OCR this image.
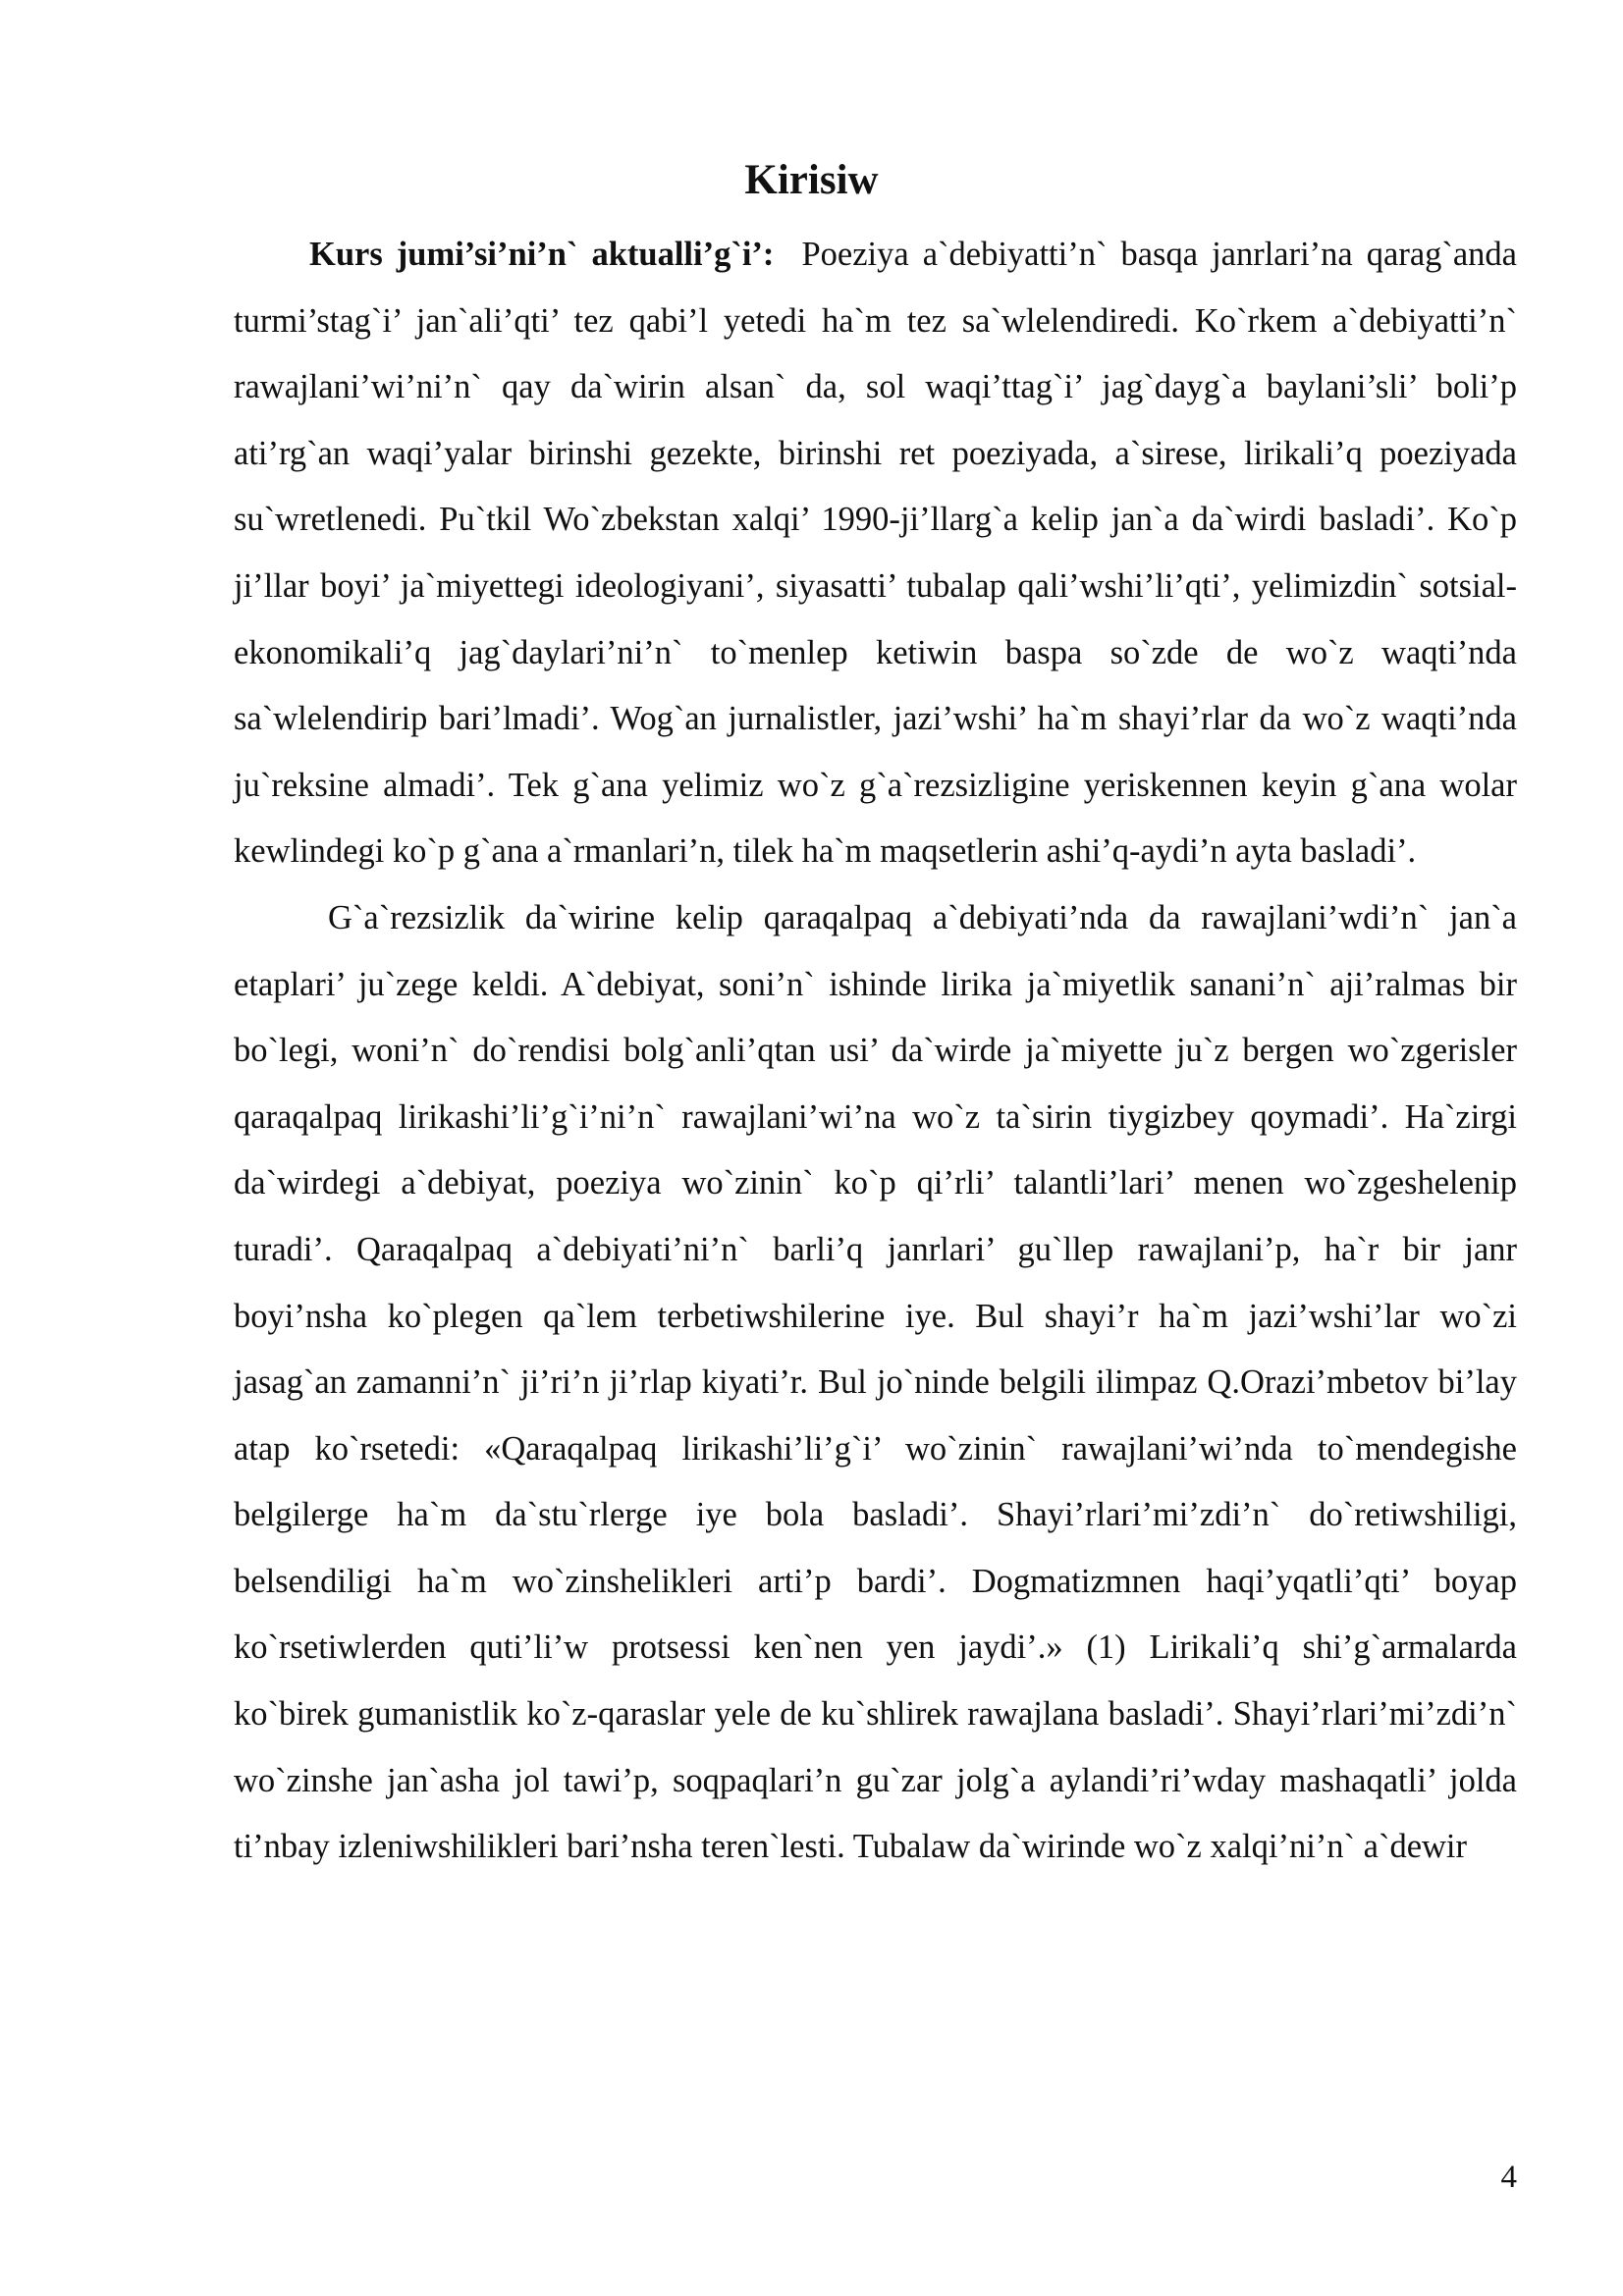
Kirisiw

Kurs jumi’si’ni’n` aktualli’g`i’: Poeziya a`debiyatti’n` basqa janrlari’na qarag`anda turmi’stag`i’ jan`ali’qti’ tez qabi’l yetedi ha`m tez sa`wlelendiredi. Ko`rkem a`debiyatti’n` rawajlani’wi’ni’n` qay da`wirin alsan` da, sol waqi’ttag`i’ jag`dayg`a baylani’sli’ boli’p ati’rg`an waqi’yalar birinshi gezekte, birinshi ret poeziyada, a`sirese, lirikali’q poeziyada su`wretlenedi. Pu`tkil Wo`zbekstan xalqi’ 1990-ji’llarg`a kelip jan`a da`wirdi basladi’. Ko`p ji’llar boyi’ ja`miyettegi ideologiyani’, siyasatti’ tubalap qali’wshi’li’qti’, yelimizdin` sotsial-ekonomikali’q jag`daylari’ni’n` to`menlep ketiwin baspa so`zde de wo`z waqti’nda sa`wlelendirip bari’lmadi’. Wog`an jurnalistler, jazi’wshi’ ha`m shayi’rlar da wo`z waqti’nda ju`reksine almadi’. Tek g`ana yelimiz wo`z g`a`rezsizligine yeriskennen keyin g`ana wolar kewlindegi ko`p g`ana a`rmanlari’n, tilek ha`m maqsetlerin ashi’q-aydi’n ayta basladi’.

G`a`rezsizlik da`wirine kelip qaraqalpaq a`debiyati’nda da rawajlani’wdi’n` jan`a etaplari’ ju`zege keldi. A`debiyat, soni’n` ishinde lirika ja`miyetlik sanani’n` aji’ralmas bir bo`legi, woni’n` do`rendisi bolg`anli’qtan usi’ da`wirde ja`miyette ju`z bergen wo`zgerisler qaraqalpaq lirikashi’li’g`i’ni’n` rawajlani’wi’na wo`z ta`sirin tiygizbey qoymadi’. Ha`zirgi da`wirdegi a`debiyat, poeziya wo`zinin` ko`p qi’rli’ talantli’lari’ menen wo`zgeshelenip turadi’. Qaraqalpaq a`debiyati’ni’n` barli’q janrlari’ gu`llep rawajlani’p, ha`r bir janr boyi’nsha ko`plegen qa`lem terbetiwshilerine iye. Bul shayi’r ha`m jazi’wshi’lar wo`zi jasag`an zamanni’n` ji’ri’n ji’rlap kiyati’r. Bul jo`ninde belgili ilimpaz Q.Orazi’mbetov bi’lay atap ko`rsetedi: «Qaraqalpaq lirikashi’li’g`i’ wo`zinin` rawajlani’wi’nda to`mendegishe belgilerge ha`m da`stu`rlerge iye bola basladi’. Shayi’rlari’mi’zdi’n` do`retiwshiligi, belsendiligi ha`m wo`zinshelikleri arti’p bardi’. Dogmatizmnen haqi’yqatli’qti’ boyap ko`rsetiwlerden quti’li’w protsessi ken`nen yen jaydi’.» (1) Lirikali’q shi’g`armalarda ko`birek gumanistlik ko`z-qaraslar yele de ku`shlirek rawajlana basladi’. Shayi’rlari’mi’zdi’n` wo`zinshe jan`asha jol tawi’p, soqpaqlari’n gu`zar jolg`a aylandi’ri’wday mashaqatli’ jolda ti’nbay izleniwshilikleri bari’nsha teren`lesti. Tubalaw da`wirinde wo`z xalqi’ni’n` a`dewir

4
